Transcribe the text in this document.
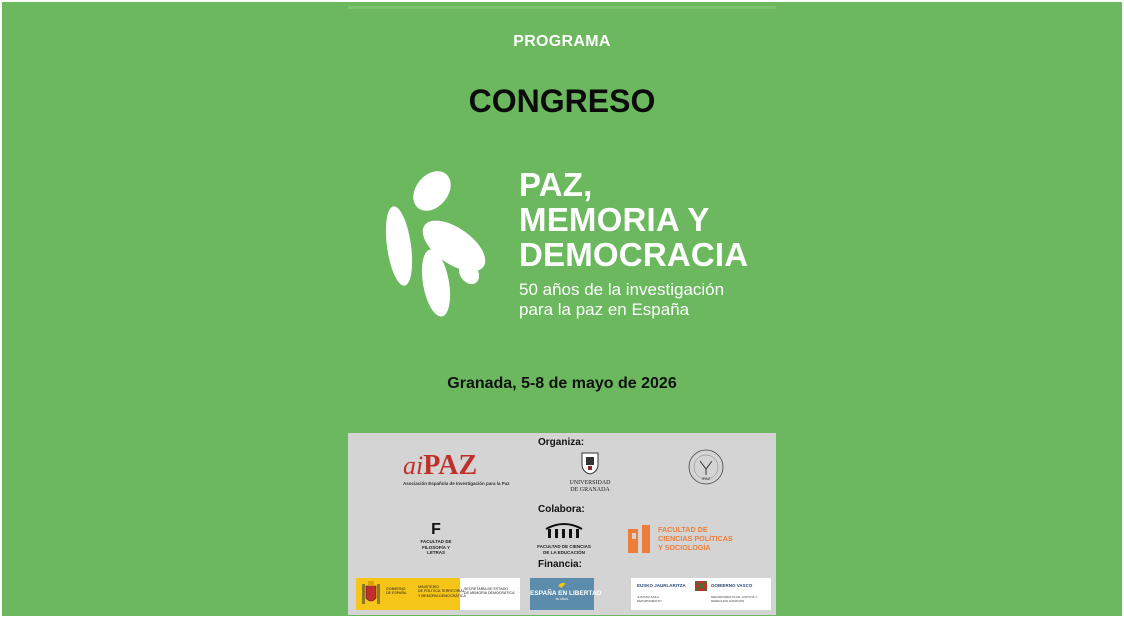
PROGRAMA
CONGRESO
PAZ,
MEMORIA Y
DEMOCRACIA
50 años de la investigación
para la paz en España
Granada, 5-8 de mayo de 2026
Organiza:
Colabora:
Financia:
aiPAZ
Asociación Española de Investigación para la Paz	UNIVERSIDAD
DE GRANADA
IPAZ
F
FACULTAD DE
FILOSOFÍA Y LETRAS
FACULTAD DE CIENCIAS
DE LA EDUCACIÓN
FACULTAD DE
CIENCIAS POLÍTICAS
Y SOCIOLOGÍA
GOBIERNO
DE ESPAÑA
MINISTERIO
DE POLÍTICA TERRITORIAL
Y MEMORIA DEMOCRÁTICA
SECRETARÍA DE ESTADO
DE MEMORIA DEMOCRÁTICA ESPAÑA EN LIBERTAD
50 AÑOS
EUSKO JAURLARITZA	GOBIERNO VASCO
JUSTIZIA SAILA
DEPARTAMENTO
DEPARTAMENTO DE JUSTICIA Y
DERECHOS HUMANOS
